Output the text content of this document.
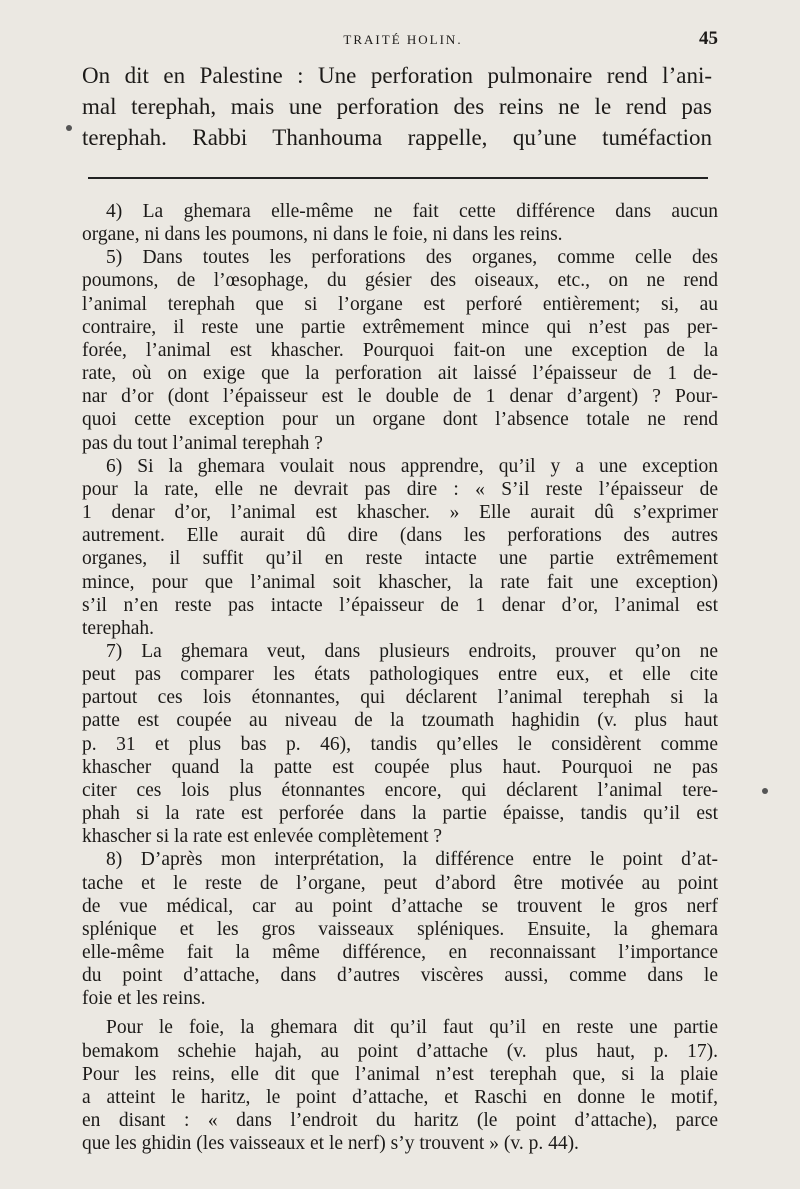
TRAITÉ HOLIN.	45
On dit en Palestine : Une perforation pulmonaire rend l’ani-
mal terephah, mais une perforation des reins ne le rend pas
terephah. Rabbi Thanhouma rappelle, qu’une tuméfaction
4) La ghemara elle-même ne fait cette différence dans aucun
organe, ni dans les poumons, ni dans le foie, ni dans les reins.
5) Dans toutes les perforations des organes, comme celle des
poumons, de l’œsophage, du gésier des oiseaux, etc., on ne rend
l’animal terephah que si l’organe est perforé entièrement; si, au
contraire, il reste une partie extrêmement mince qui n’est pas per-
forée, l’animal est khascher. Pourquoi fait-on une exception de la
rate, où on exige que la perforation ait laissé l’épaisseur de 1 de-
nar d’or (dont l’épaisseur est le double de 1 denar d’argent) ? Pour-
quoi cette exception pour un organe dont l’absence totale ne rend
pas du tout l’animal terephah ?
6) Si la ghemara voulait nous apprendre, qu’il y a une exception
pour la rate, elle ne devrait pas dire : « S’il reste l’épaisseur de
1 denar d’or, l’animal est khascher. » Elle aurait dû s’exprimer
autrement. Elle aurait dû dire (dans les perforations des autres
organes, il suffit qu’il en reste intacte une partie extrêmement
mince, pour que l’animal soit khascher, la rate fait une exception)
s’il n’en reste pas intacte l’épaisseur de 1 denar d’or, l’animal est
terephah.
7) La ghemara veut, dans plusieurs endroits, prouver qu’on ne
peut pas comparer les états pathologiques entre eux, et elle cite
partout ces lois étonnantes, qui déclarent l’animal terephah si la
patte est coupée au niveau de la tzoumath haghidin (v. plus haut
p. 31 et plus bas p. 46), tandis qu’elles le considèrent comme
khascher quand la patte est coupée plus haut. Pourquoi ne pas
citer ces lois plus étonnantes encore, qui déclarent l’animal tere-
phah si la rate est perforée dans la partie épaisse, tandis qu’il est
khascher si la rate est enlevée complètement ?
8) D’après mon interprétation, la différence entre le point d’at-
tache et le reste de l’organe, peut d’abord être motivée au point
de vue médical, car au point d’attache se trouvent le gros nerf
splénique et les gros vaisseaux spléniques. Ensuite, la ghemara
elle-même fait la même différence, en reconnaissant l’importance
du point d’attache, dans d’autres viscères aussi, comme dans le
foie et les reins.
Pour le foie, la ghemara dit qu’il faut qu’il en reste une partie
bemakom schehie hajah, au point d’attache (v. plus haut, p. 17).
Pour les reins, elle dit que l’animal n’est terephah que, si la plaie
a atteint le haritz, le point d’attache, et Raschi en donne le motif,
en disant : « dans l’endroit du haritz (le point d’attache), parce
que les ghidin (les vaisseaux et le nerf) s’y trouvent » (v. p. 44).
